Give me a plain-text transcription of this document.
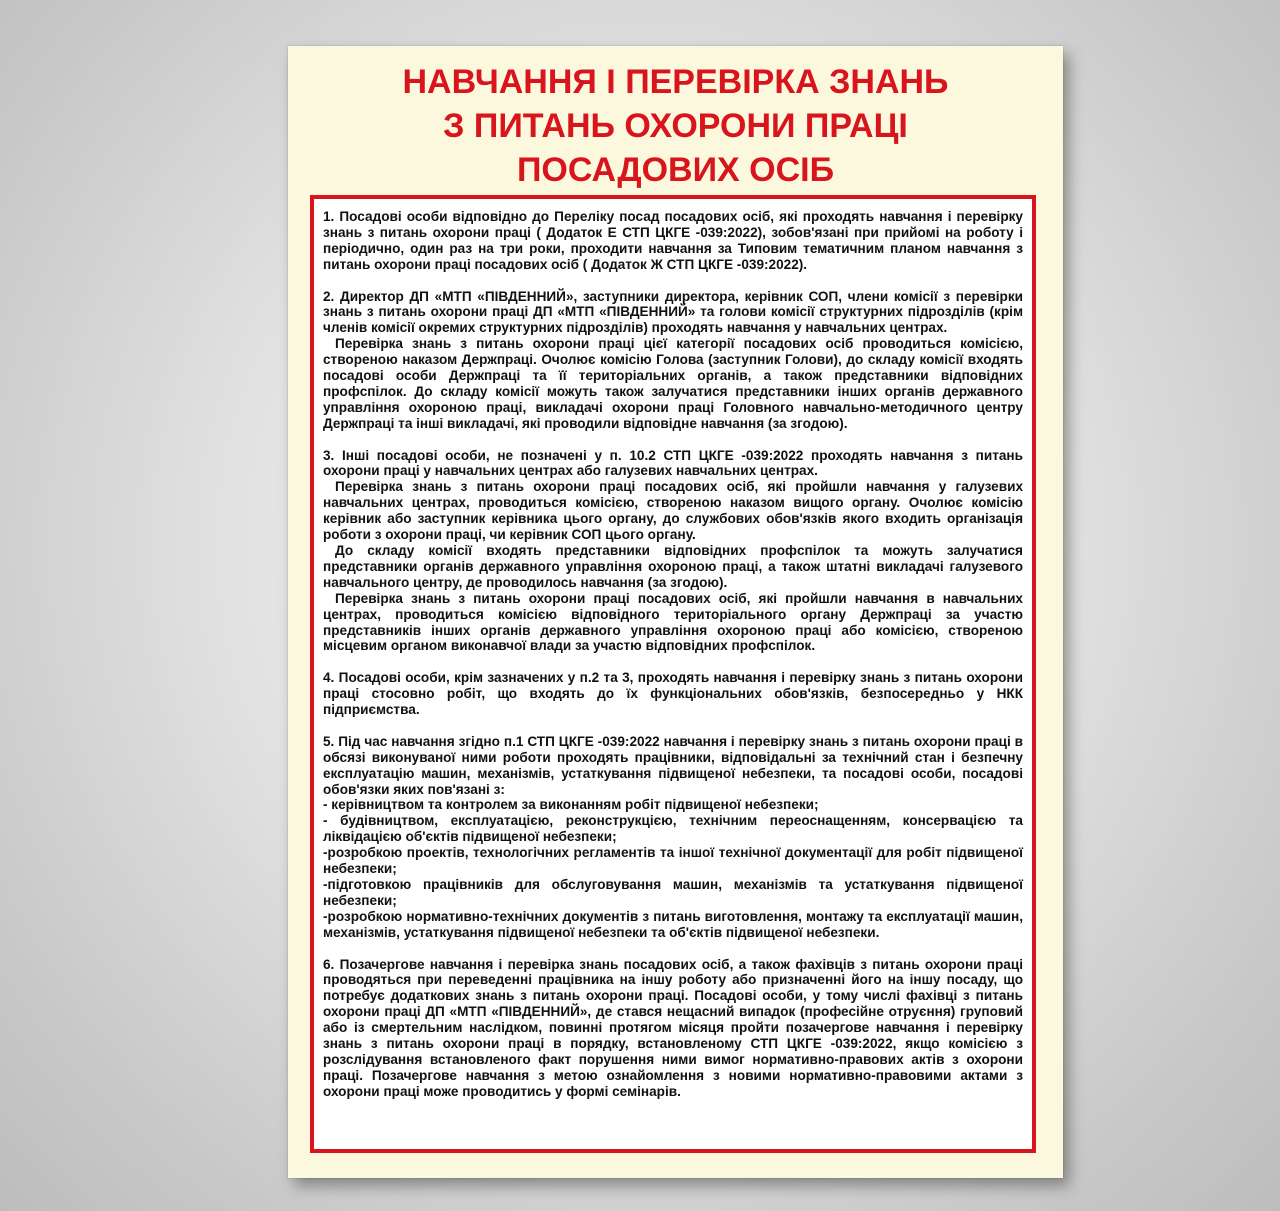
НАВЧАННЯ І ПЕРЕВІРКА ЗНАНЬ
З ПИТАНЬ ОХОРОНИ ПРАЦІ
ПОСАДОВИХ ОСІБ

1. Посадові особи відповідно до Переліку посад посадових осіб, які проходять навчання і перевірку знань з питань охорони праці ( Додаток Е СТП ЦКГЕ -039:2022), зобов'язані при прийомі на роботу і періодично, один раз на три роки, проходити навчання за Типовим тематичним планом навчання з питань охорони праці посадових осіб ( Додаток Ж СТП ЦКГЕ -039:2022).

2. Директор ДП «МТП «ПІВДЕННИЙ», заступники директора, керівник СОП, члени комісії з перевірки знань з питань охорони праці ДП «МТП «ПІВДЕННИЙ» та голови комісії структурних підрозділів (крім членів комісії окремих структурних підрозділів) проходять навчання у навчальних центрах.

Перевірка знань з питань охорони праці цієї категорії посадових осіб проводиться комісією, створеною наказом Держпраці. Очолює комісію Голова (заступник Голови), до складу комісії входять посадові особи Держпраці та її територіальних органів, а також представники відповідних профспілок. До складу комісії можуть також залучатися представники інших органів державного управління охороною праці, викладачі охорони праці Головного навчально-методичного центру Держпраці та інші викладачі, які проводили відповідне навчання (за згодою).

3. Інші посадові особи, не позначені у п. 10.2 СТП ЦКГЕ -039:2022 проходять навчання з питань охорони праці у навчальних центрах або галузевих навчальних центрах.

Перевірка знань з питань охорони праці посадових осіб, які пройшли навчання у галузевих навчальних центрах, проводиться комісією, створеною наказом вищого органу. Очолює комісію керівник або заступник керівника цього органу, до службових обов'язків якого входить організація роботи з охорони праці, чи керівник СОП цього органу.

До складу комісії входять представники відповідних профспілок та можуть залучатися представники органів державного управління охороною праці, а також штатні викладачі галузевого навчального центру, де проводилось навчання (за згодою).

Перевірка знань з питань охорони праці посадових осіб, які пройшли навчання в навчальних центрах, проводиться комісією відповідного територіального органу Держпраці за участю представників інших органів державного управління охороною праці або комісією, створеною місцевим органом виконавчої влади за участю відповідних профспілок.

4. Посадові особи, крім зазначених у п.2 та 3, проходять навчання і перевірку знань з питань охорони праці стосовно робіт, що входять до їх функціональних обов'язків, безпосередньо у НКК підприємства.

5. Під час навчання згідно п.1 СТП ЦКГЕ -039:2022 навчання і перевірку знань з питань охорони праці в обсязі виконуваної ними роботи проходять працівники, відповідальні за технічний стан і безпечну експлуатацію машин, механізмів, устаткування підвищеної небезпеки, та посадові особи, посадові обов'язки яких пов'язані з:

- керівництвом та контролем за виконанням робіт підвищеної небезпеки;

- будівництвом, експлуатацією, реконструкцією, технічним переоснащенням, консервацією та ліквідацією об'єктів підвищеної небезпеки;

-розробкою проектів, технологічних регламентів та іншої технічної документації для робіт підвищеної небезпеки;

-підготовкою працівників для обслуговування машин, механізмів та устаткування підвищеної небезпеки;

-розробкою нормативно-технічних документів з питань виготовлення, монтажу та експлуатації машин, механізмів, устаткування підвищеної небезпеки та об'єктів підвищеної небезпеки.

6. Позачергове навчання і перевірка знань посадових осіб, а також фахівців з питань охорони праці проводяться при переведенні працівника на іншу роботу або призначенні його на іншу посаду, що потребує додаткових знань з питань охорони праці. Посадові особи, у тому числі фахівці з питань охорони праці ДП «МТП «ПІВДЕННИЙ», де стався нещасний випадок (професійне отруєння) груповий або із смертельним наслідком, повинні протягом місяця пройти позачергове навчання і перевірку знань з питань охорони праці в порядку, встановленому СТП ЦКГЕ -039:2022, якщо комісією з розслідування встановленого факт порушення ними вимог нормативно-правових актів з охорони праці. Позачергове навчання з метою ознайомлення з новими нормативно-правовими актами з охорони праці може проводитись у формі семінарів.
